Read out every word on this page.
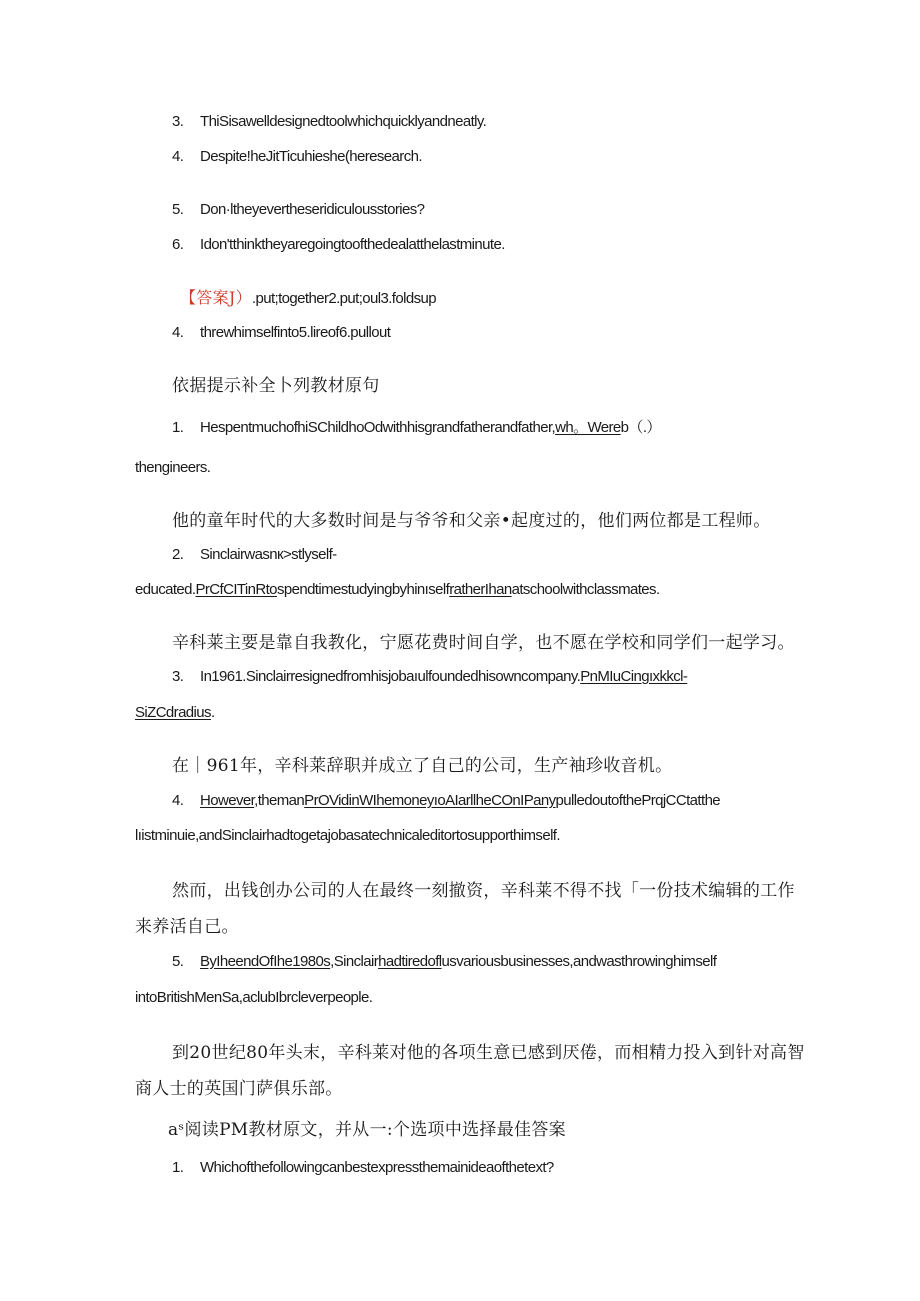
3. ThiSisawelldesignedtoolwhichquicklyandneatly.
4. Despite!heJitTicuhieshe(heresearch.
5. Don·ltheyevertheseridiculousstories?
6. Idon'tthinktheyaregoingtoofthedealatthelastminute.
【答案J）.put;together2.put;oul3.foldsup
4. threwhimselfinto5.lireof6.pullout
依据提示补全卜列教材原句
1. HespentmuchofhiSChildhoOdwithhisgrandfatherandfather,wh。Wereb（.）
thengineers.
他的童年时代的大多数时间是与爷爷和父亲•起度过的，他们两位都是工程师。
2. Sinclairwasnк>stlyself-
educated.PrCfCITinRtospendtimestudyingbyhinıselfratherIhanatschoolwithclassmates.
辛科莱主要是靠自我教化，宁愿花费时间自学，也不愿在学校和同学们一起学习。
3. In1961.Sinclairresignedfromhisjobaıulfoundedhisowncompany.PnMIuCingıxkkcl-
SiZCdradius.
在｜961年，辛科莱辞职并成立了自己的公司，生产袖珍收音机。
4. However,themanPrOVidinWIhemoneyıoAIarllheCOnIPanypulledoutofthePrqjCCtatthe
lıistminuie,andSinclairhadtogetajobasatechnicaleditortosupporthimself.
然而，出钱创办公司的人在最终一刻撤资，辛科莱不得不找「一份技术编辑的工作
来养活自己。
5. ByIheendOfIhe1980s,Sinclairhadtiredoflusvariousbusinesses,andwasthrowinghimself
intoBritishMenSa,aclubIbrcleverpeople.
到20世纪80年头末，辛科莱对他的各项生意已感到厌倦，而相精力投入到针对高智
商人士的英国门萨俱乐部。
aˢ阅读PM教材原文，并从一:个选项中选择最佳答案
1. Whichofthefollowingcanbestexpressthemainideaofthetext?
